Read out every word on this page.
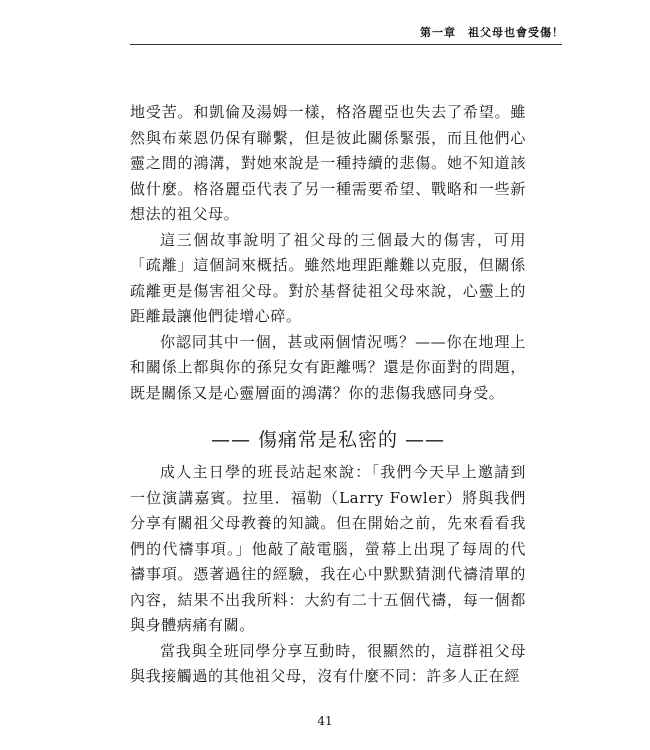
第一章　祖父母也會受傷！

地受苦。和凱倫及湯姆一樣，格洛麗亞也失去了希望。雖然與布萊恩仍保有聯繫，但是彼此關係緊張，而且他們心靈之間的鴻溝，對她來說是一種持續的悲傷。她不知道該做什麼。格洛麗亞代表了另一種需要希望、戰略和一些新想法的祖父母。

這三個故事說明了祖父母的三個最大的傷害，可用「疏離」這個詞來概括。雖然地理距離難以克服，但關係疏離更是傷害祖父母。對於基督徒祖父母來說，心靈上的距離最讓他們徒增心碎。

你認同其中一個，甚或兩個情況嗎？——你在地理上和關係上都與你的孫兒女有距離嗎？還是你面對的問題，既是關係又是心靈層面的鴻溝？你的悲傷我感同身受。

—— 傷痛常是私密的 ——

成人主日學的班長站起來說：「我們今天早上邀請到一位演講嘉賓。拉里．福勒（Larry Fowler）將與我們分享有關祖父母教養的知識。但在開始之前，先來看看我們的代禱事項。」他敲了敲電腦，螢幕上出現了每周的代禱事項。憑著過往的經驗，我在心中默默猜測代禱清單的內容，結果不出我所料：大約有二十五個代禱，每一個都與身體病痛有關。

當我與全班同學分享互動時，很顯然的，這群祖父母與我接觸過的其他祖父母，沒有什麼不同：許多人正在經

41
